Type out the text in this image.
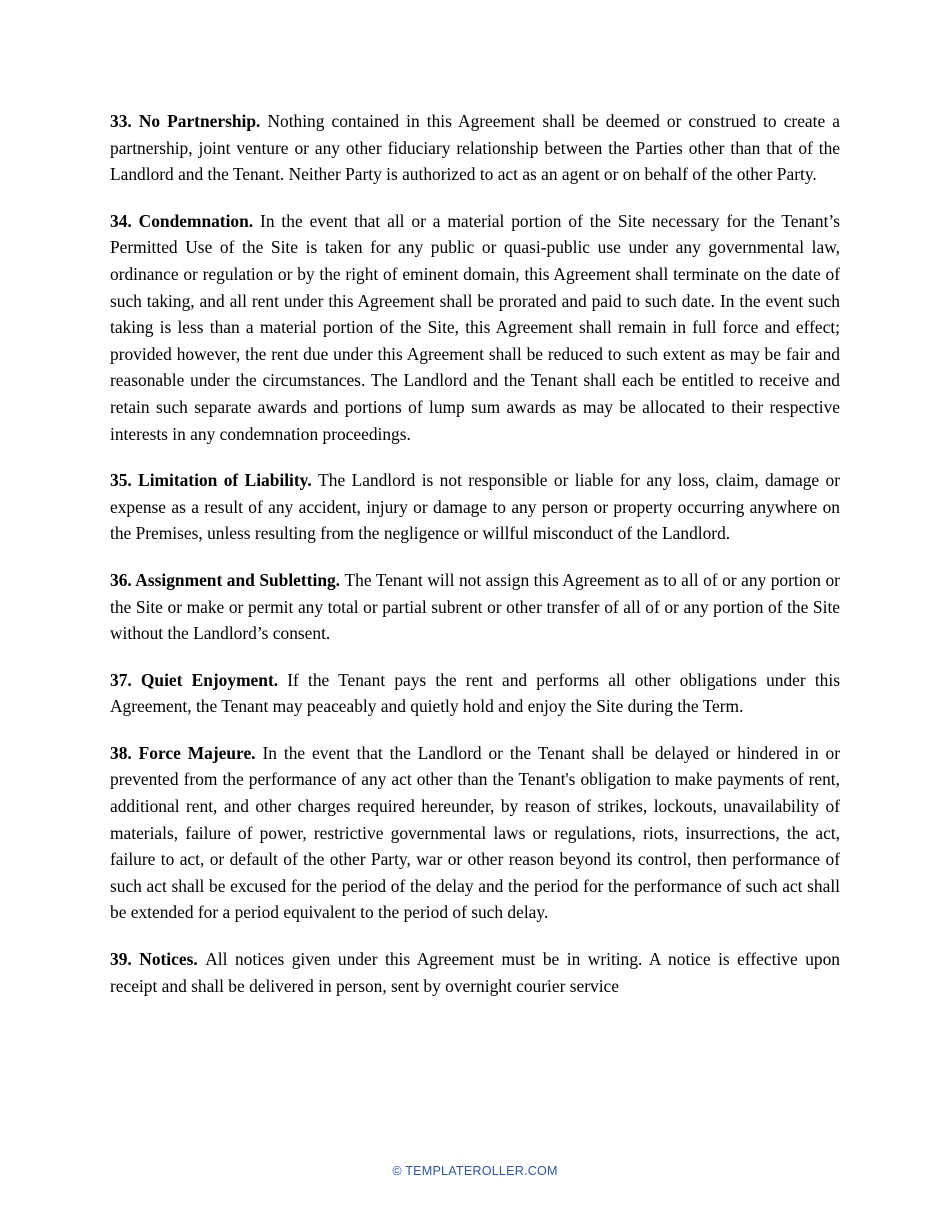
33. No Partnership. Nothing contained in this Agreement shall be deemed or construed to create a partnership, joint venture or any other fiduciary relationship between the Parties other than that of the Landlord and the Tenant. Neither Party is authorized to act as an agent or on behalf of the other Party.

34. Condemnation. In the event that all or a material portion of the Site necessary for the Tenant’s Permitted Use of the Site is taken for any public or quasi-public use under any governmental law, ordinance or regulation or by the right of eminent domain, this Agreement shall terminate on the date of such taking, and all rent under this Agreement shall be prorated and paid to such date. In the event such taking is less than a material portion of the Site, this Agreement shall remain in full force and effect; provided however, the rent due under this Agreement shall be reduced to such extent as may be fair and reasonable under the circumstances. The Landlord and the Tenant shall each be entitled to receive and retain such separate awards and portions of lump sum awards as may be allocated to their respective interests in any condemnation proceedings.

35. Limitation of Liability. The Landlord is not responsible or liable for any loss, claim, damage or expense as a result of any accident, injury or damage to any person or property occurring anywhere on the Premises, unless resulting from the negligence or willful misconduct of the Landlord.

36. Assignment and Subletting. The Tenant will not assign this Agreement as to all of or any portion or the Site or make or permit any total or partial subrent or other transfer of all of or any portion of the Site without the Landlord’s consent.

37. Quiet Enjoyment. If the Tenant pays the rent and performs all other obligations under this Agreement, the Tenant may peaceably and quietly hold and enjoy the Site during the Term.

38. Force Majeure. In the event that the Landlord or the Tenant shall be delayed or hindered in or prevented from the performance of any act other than the Tenant's obligation to make payments of rent, additional rent, and other charges required hereunder, by reason of strikes, lockouts, unavailability of materials, failure of power, restrictive governmental laws or regulations, riots, insurrections, the act, failure to act, or default of the other Party, war or other reason beyond its control, then performance of such act shall be excused for the period of the delay and the period for the performance of such act shall be extended for a period equivalent to the period of such delay.

39. Notices. All notices given under this Agreement must be in writing. A notice is effective upon receipt and shall be delivered in person, sent by overnight courier service

© TEMPLATEROLLER.COM
